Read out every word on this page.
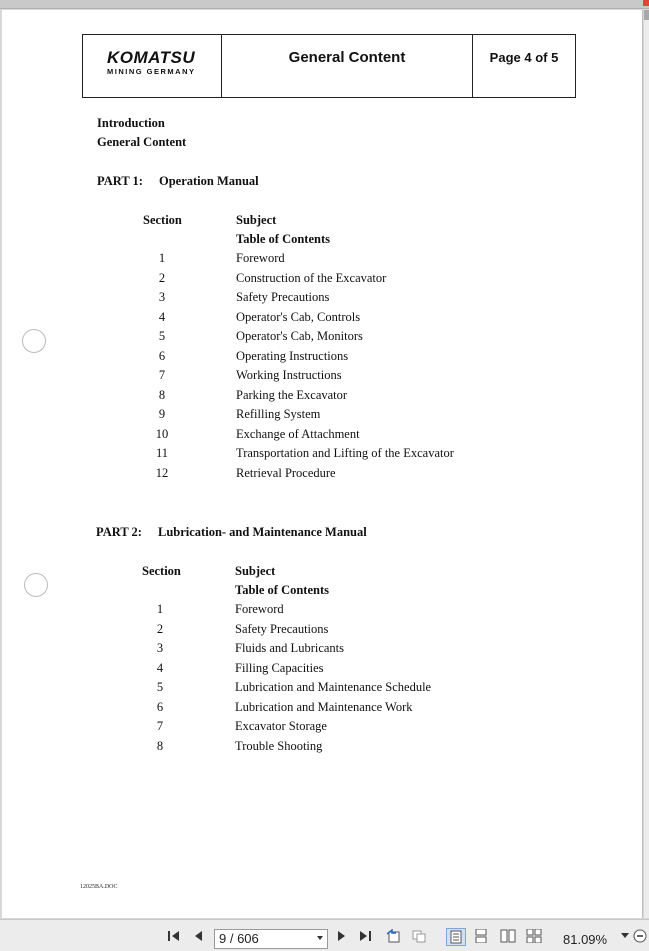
KOMATSU
MINING GERMANY
General Content	Page 4 of 5
Introduction
General Content
PART 1: Operation Manual
Section	Subject
Table of Contents
1	Foreword
2	Construction of the Excavator
3	Safety Precautions
4	Operator's Cab, Controls
5	Operator's Cab, Monitors
6	Operating Instructions
7	Working Instructions
8	Parking the Excavator
9	Refilling System
10	Exchange of Attachment
11	Transportation and Lifting of the Excavator
12	Retrieval Procedure
PART 2: Lubrication- and Maintenance Manual
Section	Subject
Table of Contents
1	Foreword
2	Safety Precautions
3	Fluids and Lubricants
4	Filling Capacities
5	Lubrication and Maintenance Schedule
6	Lubrication and Maintenance Work
7	Excavator Storage
8	Trouble Shooting
12025BA.DOC
9 / 606	81.09%
